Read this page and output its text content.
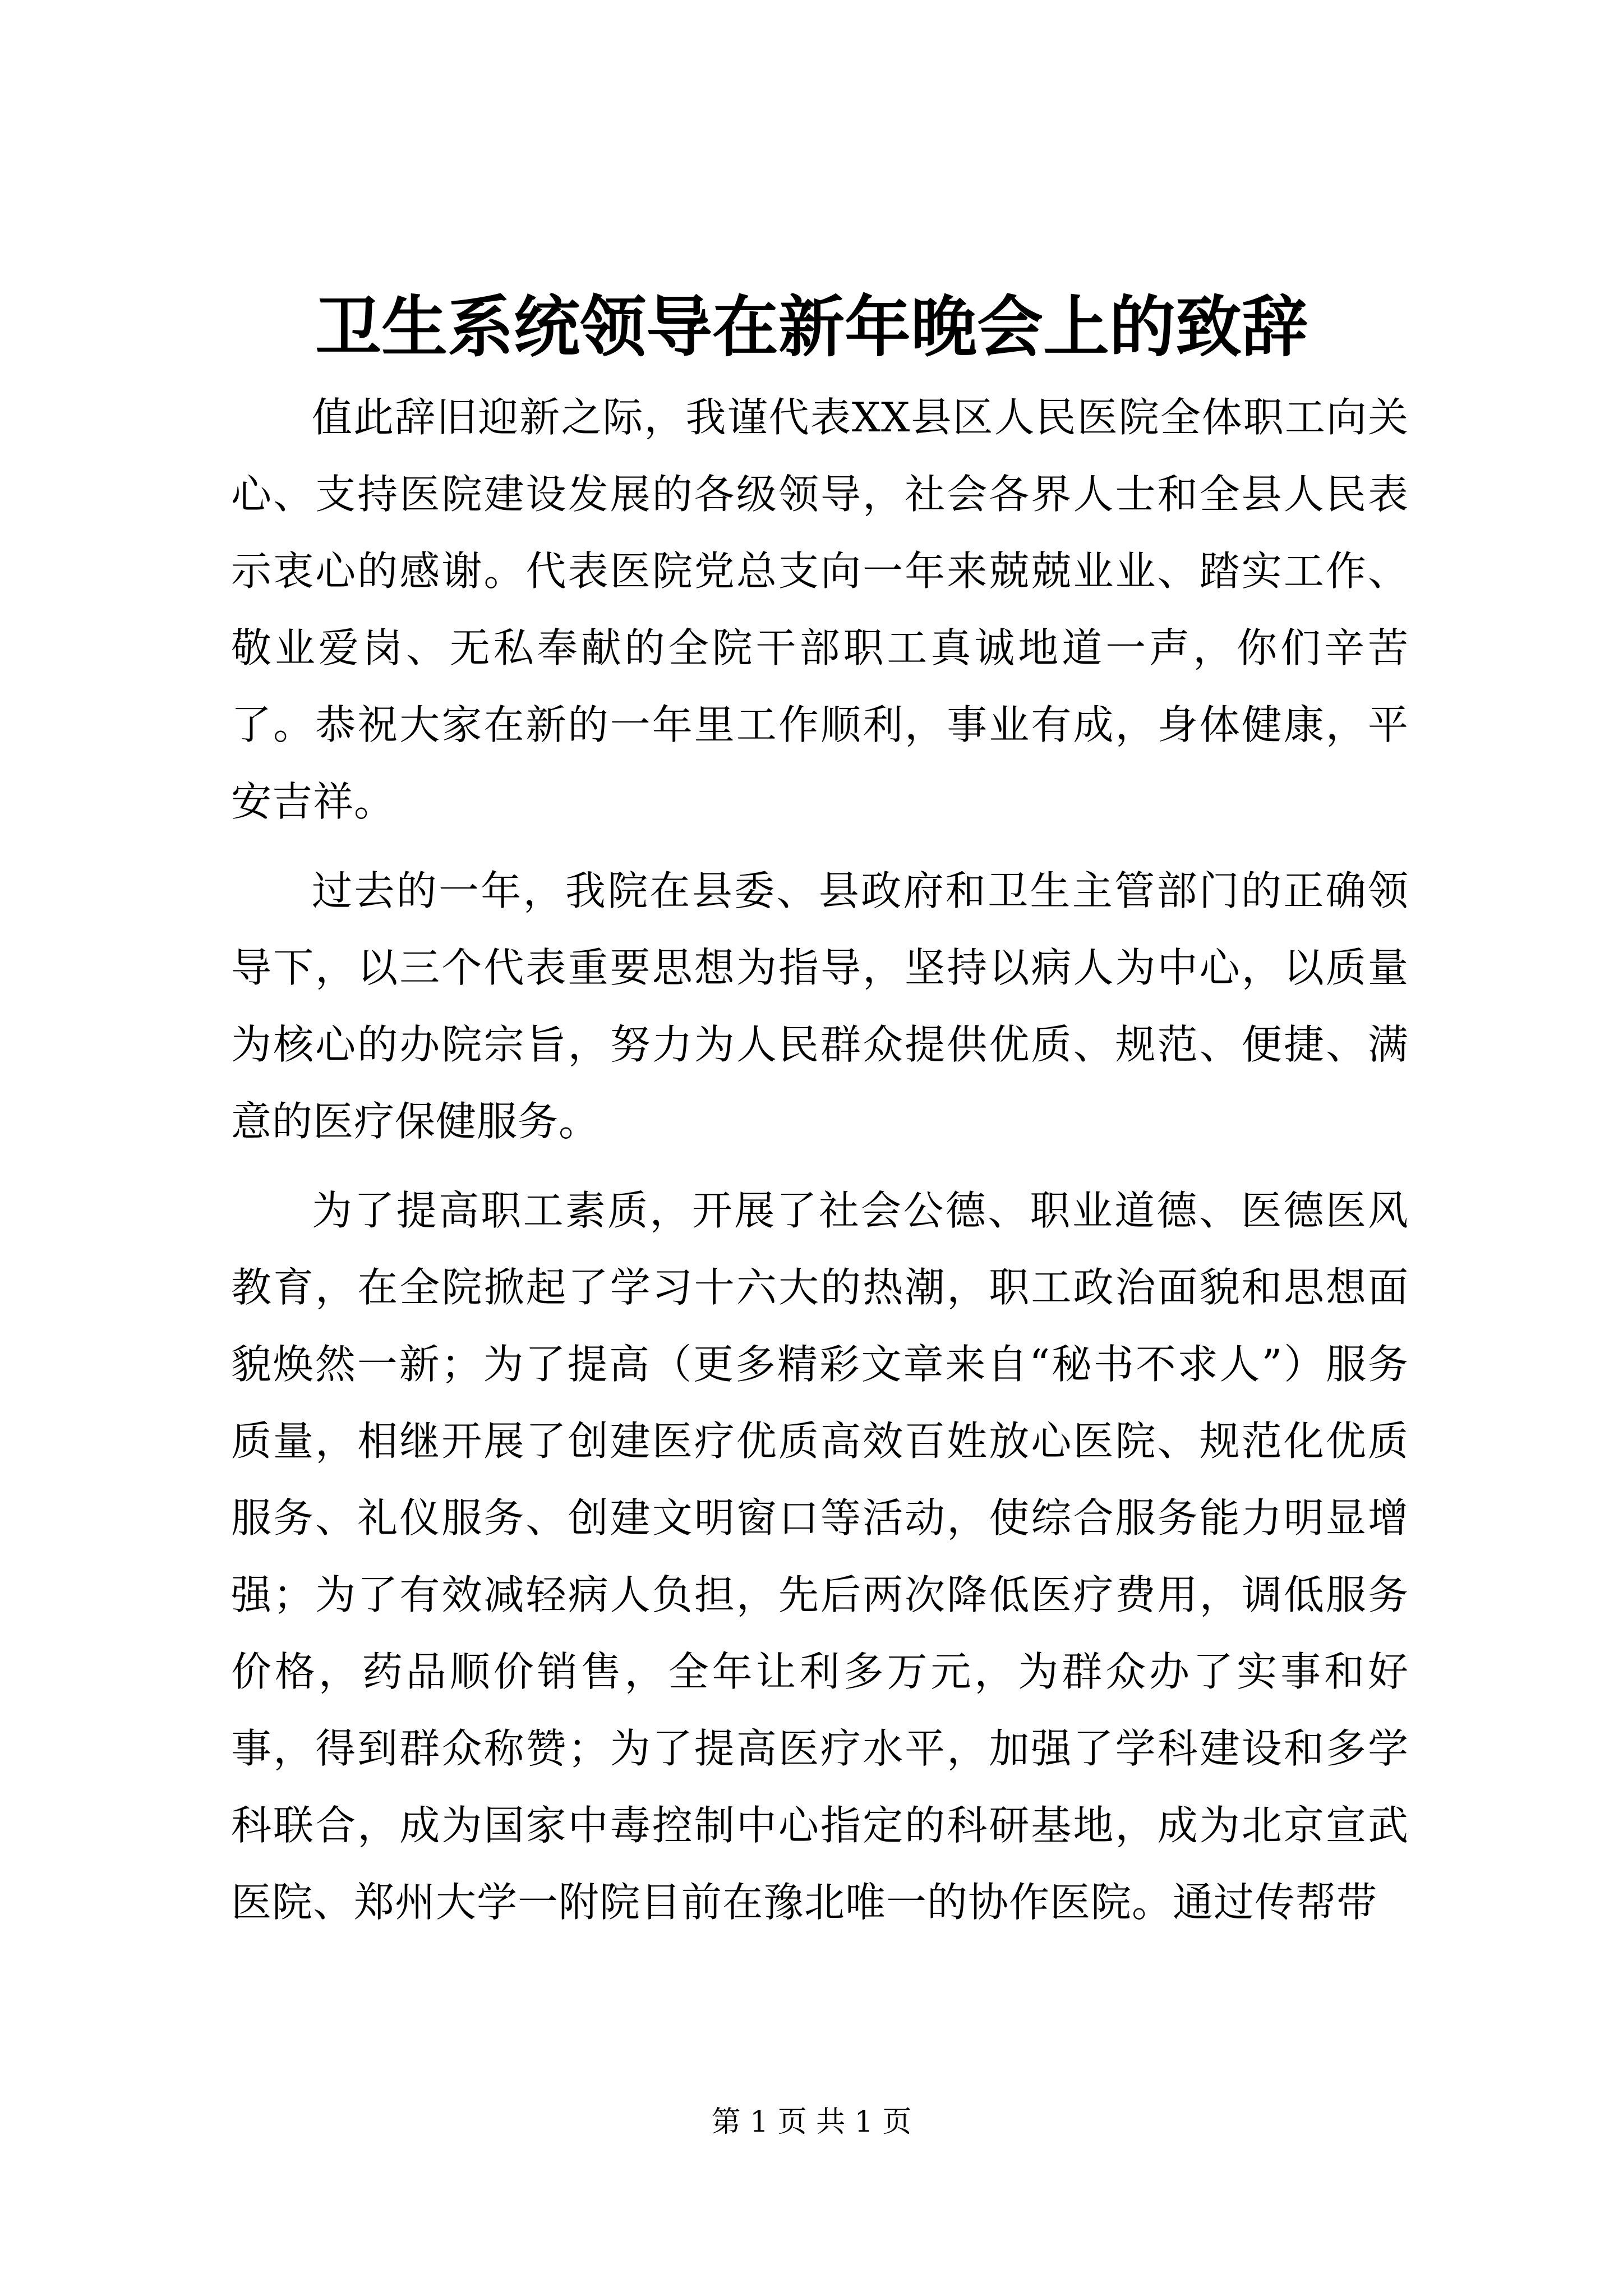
卫生系统领导在新年晚会上的致辞

值此辞旧迎新之际，我谨代表XX县区人民医院全体职工向关心、支持医院建设发展的各级领导，社会各界人士和全县人民表示衷心的感谢。代表医院党总支向一年来兢兢业业、踏实工作、敬业爱岗、无私奉献的全院干部职工真诚地道一声，你们辛苦了。恭祝大家在新的一年里工作顺利，事业有成，身体健康，平安吉祥。

过去的一年，我院在县委、县政府和卫生主管部门的正确领导下，以三个代表重要思想为指导，坚持以病人为中心，以质量为核心的办院宗旨，努力为人民群众提供优质、规范、便捷、满意的医疗保健服务。

为了提高职工素质，开展了社会公德、职业道德、医德医风教育，在全院掀起了学习十六大的热潮，职工政治面貌和思想面貌焕然一新；为了提高（更多精彩文章来自“秘书不求人”）服务质量，相继开展了创建医疗优质高效百姓放心医院、规范化优质服务、礼仪服务、创建文明窗口等活动，使综合服务能力明显增强；为了有效减轻病人负担，先后两次降低医疗费用，调低服务价格，药品顺价销售，全年让利多万元，为群众办了实事和好事，得到群众称赞；为了提高医疗水平，加强了学科建设和多学科联合，成为国家中毒控制中心指定的科研基地，成为北京宣武医院、郑州大学一附院目前在豫北唯一的协作医院。通过传帮带

第 1 页 共 1 页
